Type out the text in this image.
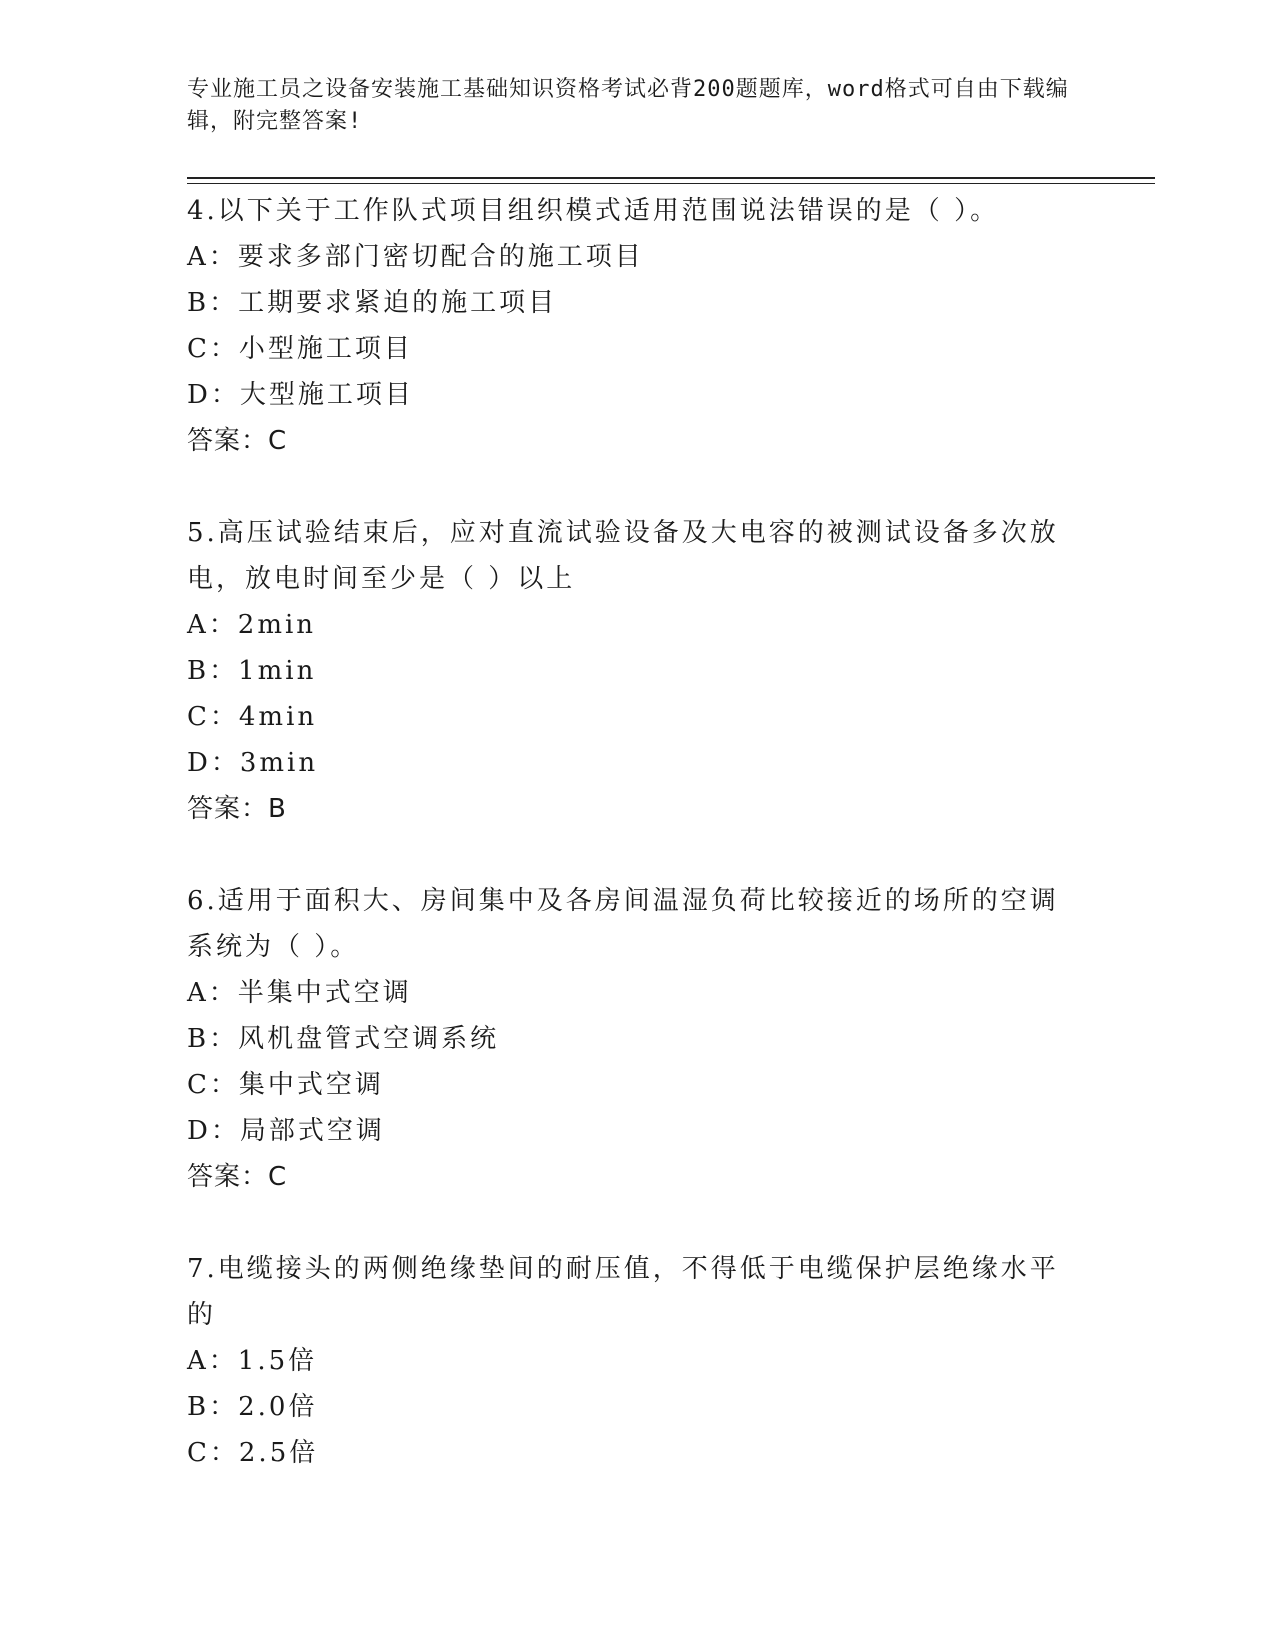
专业施工员之设备安装施工基础知识资格考试必背200题题库，word格式可自由下载编辑，附完整答案!

4.以下关于工作队式项目组织模式适用范围说法错误的是（ ）。

A：要求多部门密切配合的施工项目

B：工期要求紧迫的施工项目

C：小型施工项目

D：大型施工项目

答案：C

5.高压试验结束后，应对直流试验设备及大电容的被测试设备多次放电，放电时间至少是（ ）以上

A：2min

B：1min

C：4min

D：3min

答案：B

6.适用于面积大、房间集中及各房间温湿负荷比较接近的场所的空调系统为（ ）。

A：半集中式空调

B：风机盘管式空调系统

C：集中式空调

D：局部式空调

答案：C

7.电缆接头的两侧绝缘垫间的耐压值，不得低于电缆保护层绝缘水平的

A：1.5倍

B：2.0倍

C：2.5倍
